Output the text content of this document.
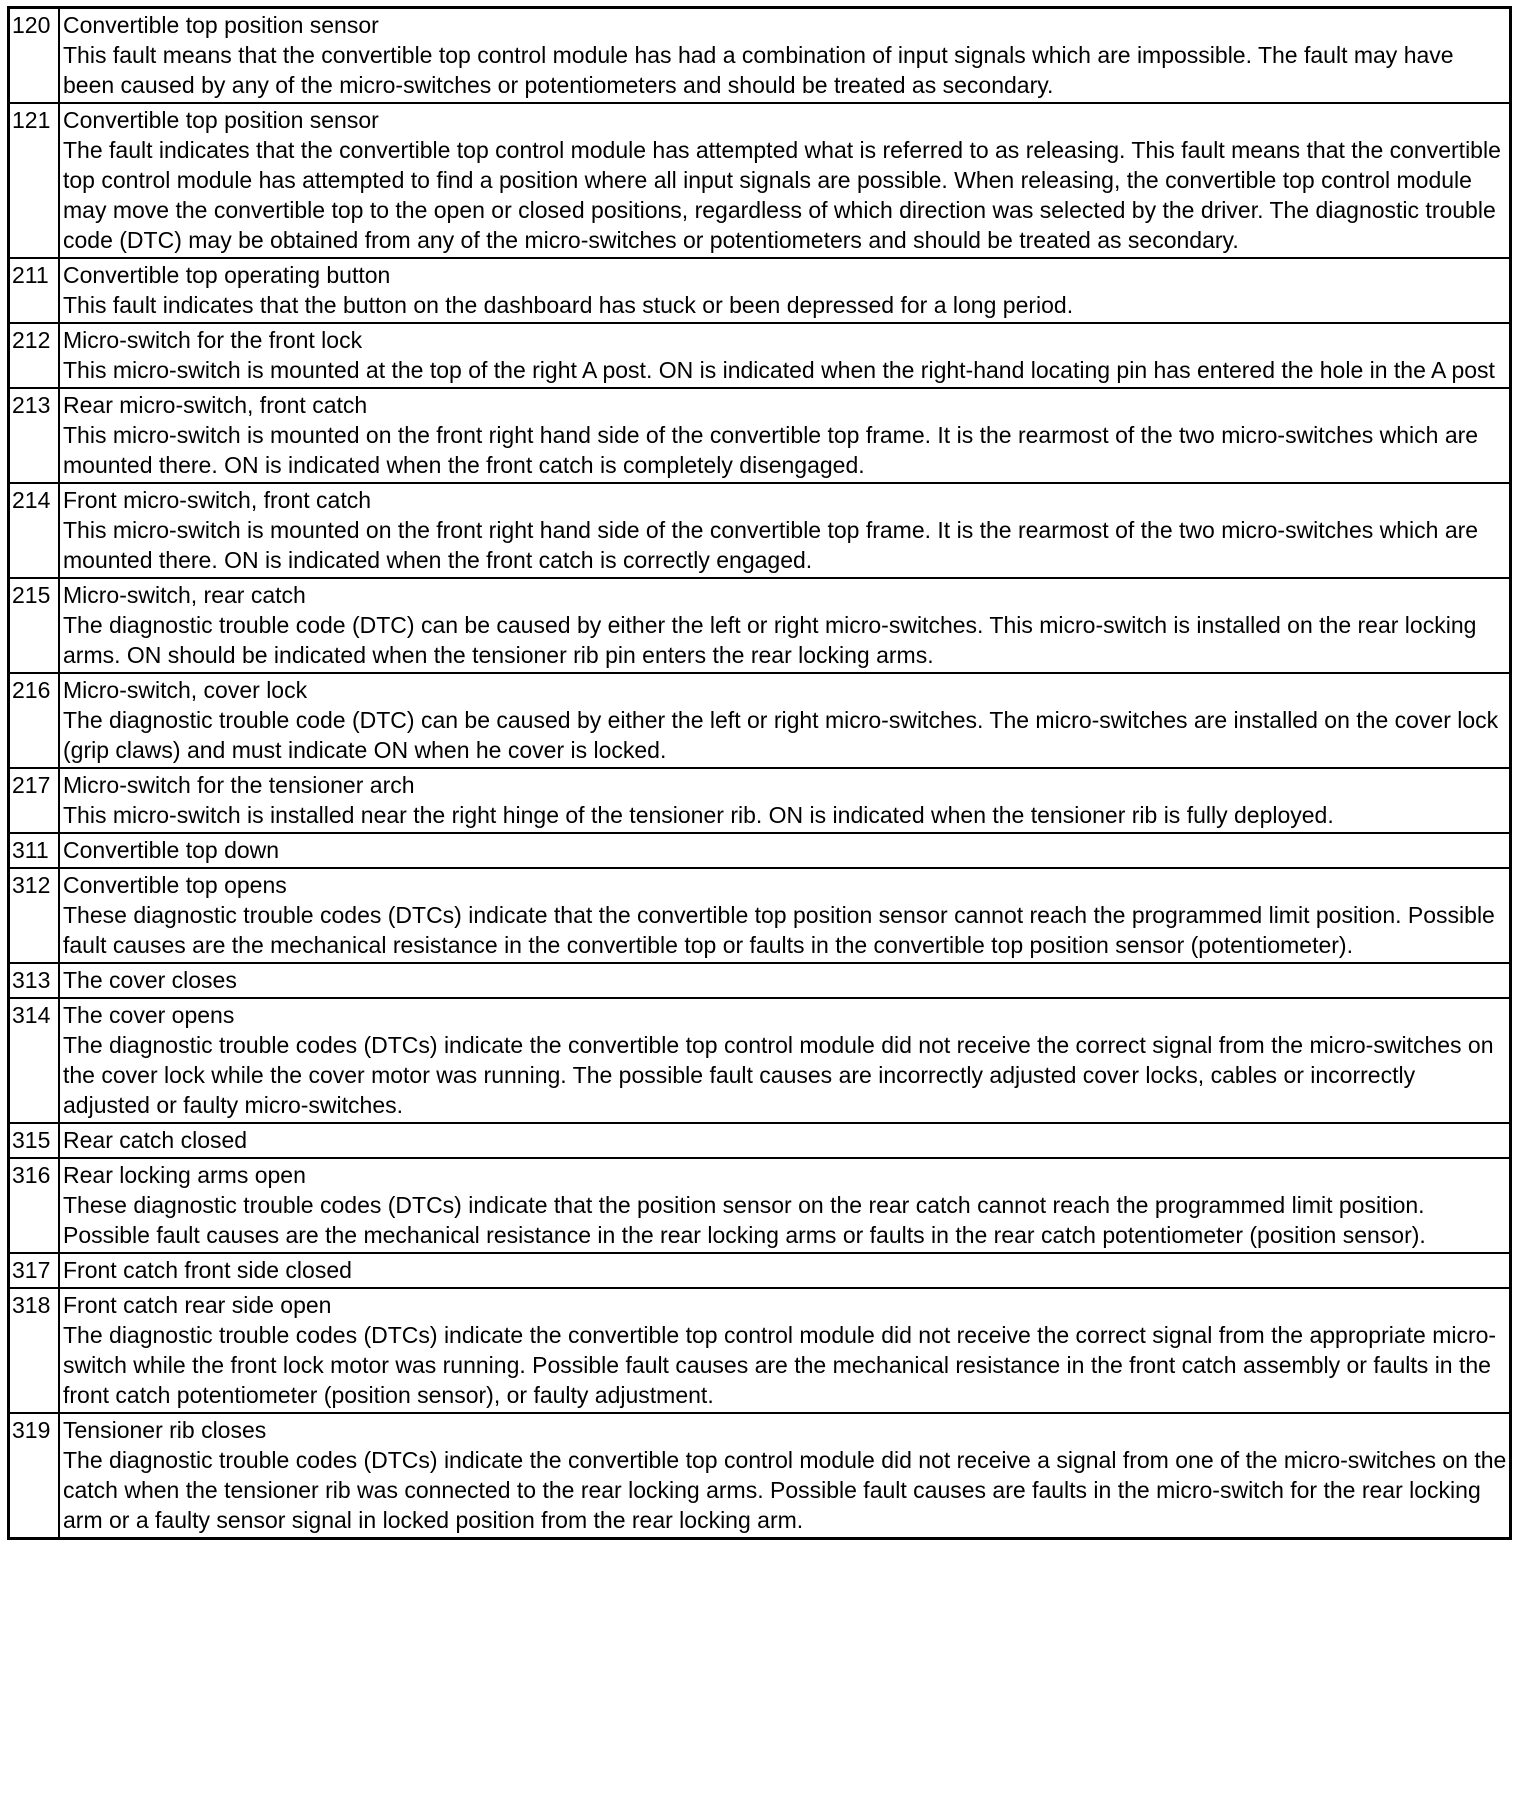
120	Convertible top position sensor
This fault means that the convertible top control module has had a combination of input signals which are impossible. The fault may have been caused by any of the micro-switches or potentiometers and should be treated as secondary.

121	Convertible top position sensor
The fault indicates that the convertible top control module has attempted what is referred to as releasing. This fault means that the convertible top control module has attempted to find a position where all input signals are possible. When releasing, the convertible top control module may move the convertible top to the open or closed positions, regardless of which direction was selected by the driver. The diagnostic trouble code (DTC) may be obtained from any of the micro-switches or potentiometers and should be treated as secondary.

211	Convertible top operating button
This fault indicates that the button on the dashboard has stuck or been depressed for a long period.

212	Micro-switch for the front lock
This micro-switch is mounted at the top of the right A post. ON is indicated when the right-hand locating pin has entered the hole in the A post

213	Rear micro-switch, front catch
This micro-switch is mounted on the front right hand side of the convertible top frame. It is the rearmost of the two micro-switches which are mounted there. ON is indicated when the front catch is completely disengaged.

214	Front micro-switch, front catch
This micro-switch is mounted on the front right hand side of the convertible top frame. It is the rearmost of the two micro-switches which are mounted there. ON is indicated when the front catch is correctly engaged.

215	Micro-switch, rear catch
The diagnostic trouble code (DTC) can be caused by either the left or right micro-switches. This micro-switch is installed on the rear locking arms. ON should be indicated when the tensioner rib pin enters the rear locking arms.

216	Micro-switch, cover lock
The diagnostic trouble code (DTC) can be caused by either the left or right micro-switches. The micro-switches are installed on the cover lock (grip claws) and must indicate ON when he cover is locked.

217	Micro-switch for the tensioner arch
This micro-switch is installed near the right hinge of the tensioner rib. ON is indicated when the tensioner rib is fully deployed.

311	Convertible top down

312	Convertible top opens
These diagnostic trouble codes (DTCs) indicate that the convertible top position sensor cannot reach the programmed limit position. Possible fault causes are the mechanical resistance in the convertible top or faults in the convertible top position sensor (potentiometer).

313	The cover closes

314	The cover opens
The diagnostic trouble codes (DTCs) indicate the convertible top control module did not receive the correct signal from the micro-switches on the cover lock while the cover motor was running. The possible fault causes are incorrectly adjusted cover locks, cables or incorrectly adjusted or faulty micro-switches.

315	Rear catch closed

316	Rear locking arms open
These diagnostic trouble codes (DTCs) indicate that the position sensor on the rear catch cannot reach the programmed limit position. Possible fault causes are the mechanical resistance in the rear locking arms or faults in the rear catch potentiometer (position sensor).

317	Front catch front side closed

318	Front catch rear side open
The diagnostic trouble codes (DTCs) indicate the convertible top control module did not receive the correct signal from the appropriate micro-switch while the front lock motor was running. Possible fault causes are the mechanical resistance in the front catch assembly or faults in the front catch potentiometer (position sensor), or faulty adjustment.

319	Tensioner rib closes
The diagnostic trouble codes (DTCs) indicate the convertible top control module did not receive a signal from one of the micro-switches on the catch when the tensioner rib was connected to the rear locking arms. Possible fault causes are faults in the micro-switch for the rear locking arm or a faulty sensor signal in locked position from the rear locking arm.
